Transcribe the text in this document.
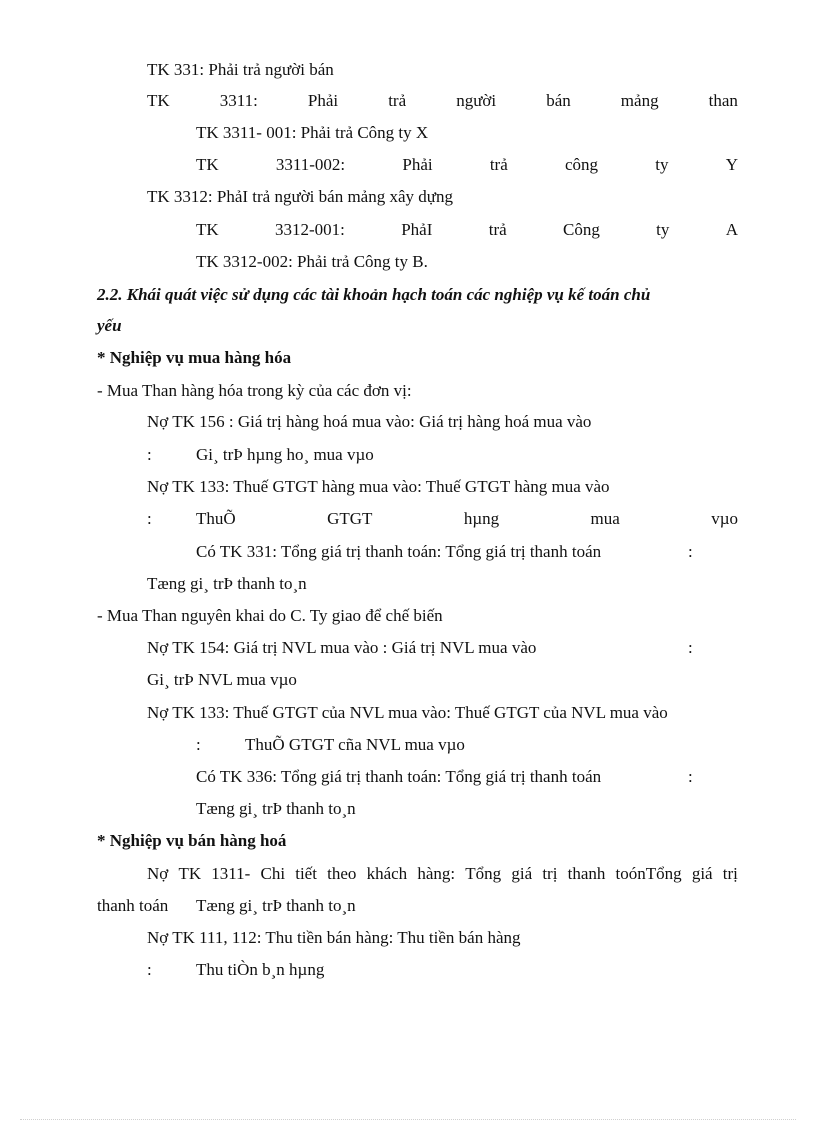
TK 331: Phải trả người bán
TK	3311:	Phải	trả	người	bán	mảng	than
TK 3311- 001: Phải trả Công ty X
TK	3311-002:	Phải	trả	công	ty	Y
TK 3312: PhảI trả người bán mảng xây dựng
TK	3312-001:	PhảI	trả	Công	ty	A
TK 3312-002: Phải trả Công ty B.
2.2. Khái quát việc sử dụng các tài khoản hạch toán các nghiệp vụ kế toán chủ
yếu
* Nghiệp vụ mua hàng hóa
- Mua Than hàng hóa trong kỳ của các đơn vị:
Nợ TK 156 : Giá trị hàng hoá mua vào: Giá trị hàng hoá mua vào
:	Gi¸ trÞ hµng ho¸ mua vµo
Nợ TK 133: Thuế GTGT hàng mua vào: Thuế GTGT hàng mua vào
:	ThuÕ	GTGT	hµng	mua	vµo
Có TK 331: Tổng giá trị thanh toán: Tổng giá trị thanh toán	:
Tæng gi¸ trÞ thanh to¸n
- Mua Than nguyên khai do C. Ty giao để chế biến
Nợ TK 154: Giá trị NVL mua vào : Giá trị NVL mua vào	:
Gi¸ trÞ NVL mua vµo
Nợ TK 133: Thuế GTGT của NVL mua vào: Thuế GTGT của NVL mua vào
:	ThuÕ GTGT cña NVL mua vµo
Có TK 336: Tổng giá trị thanh toán: Tổng giá trị thanh toán	:
Tæng gi¸ trÞ thanh to¸n
* Nghiệp vụ bán hàng hoá
Nợ TK 1311- Chi tiết theo khách hàng: Tổng giá trị thanh toónTổng giá trị
thanh toán Tæng gi¸ trÞ thanh to¸n
Nợ TK 111, 112: Thu tiền bán hàng: Thu tiền bán hàng
:	Thu tiÒn b¸n hµng
